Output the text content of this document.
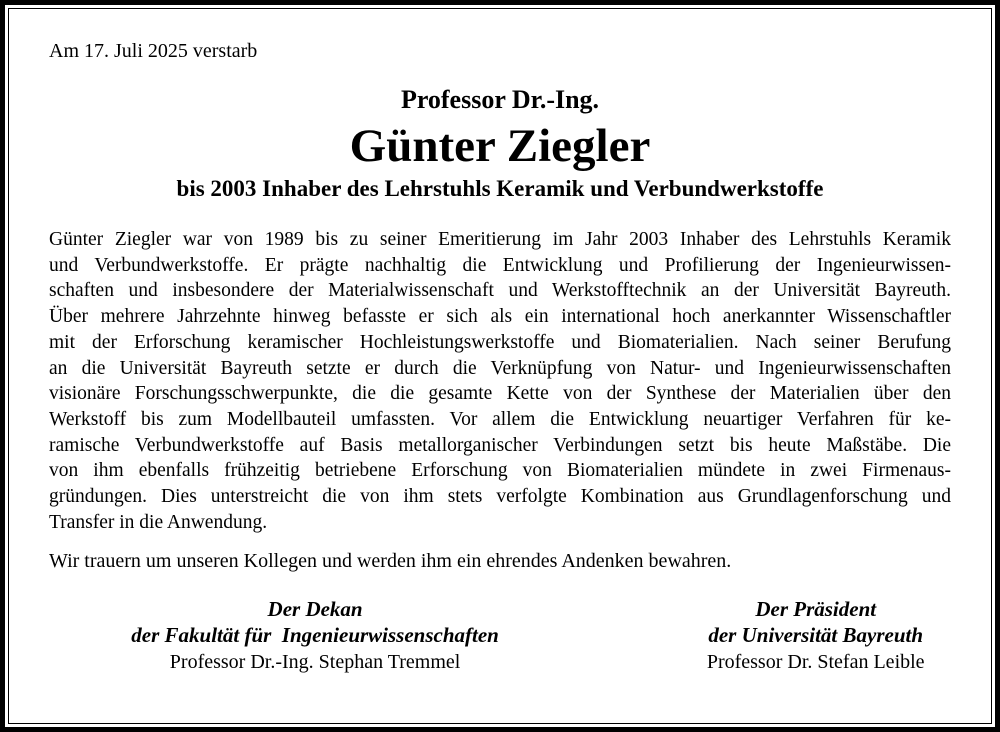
Am 17. Juli 2025 verstarb
Professor Dr.-Ing.
Günter Ziegler
bis 2003 Inhaber des Lehrstuhls Keramik und Verbundwerkstoffe
Günter Ziegler war von 1989 bis zu seiner Emeritierung im Jahr 2003 Inhaber des Lehrstuhls Keramik
und Verbundwerkstoffe. Er prägte nachhaltig die Entwicklung und Profilierung der Ingenieurwissen-
schaften und insbesondere der Materialwissenschaft und Werkstofftechnik an der Universität Bayreuth.
Über mehrere Jahrzehnte hinweg befasste er sich als ein international hoch anerkannter Wissenschaftler
mit der Erforschung keramischer Hochleistungswerkstoffe und Biomaterialien. Nach seiner Berufung
an die Universität Bayreuth setzte er durch die Verknüpfung von Natur- und Ingenieurwissenschaften
visionäre Forschungsschwerpunkte, die die gesamte Kette von der Synthese der Materialien über den
Werkstoff bis zum Modellbauteil umfassten. Vor allem die Entwicklung neuartiger Verfahren für ke-
ramische Verbundwerkstoffe auf Basis metallorganischer Verbindungen setzt bis heute Maßstäbe. Die
von ihm ebenfalls frühzeitig betriebene Erforschung von Biomaterialien mündete in zwei Firmenaus-
gründungen. Dies unterstreicht die von ihm stets verfolgte Kombination aus Grundlagenforschung und
Transfer in die Anwendung.
Wir trauern um unseren Kollegen und werden ihm ein ehrendes Andenken bewahren.
Der Dekan
der Fakultät für  Ingenieurwissenschaften
Professor Dr.-Ing. Stephan Tremmel
Der Präsident
der Universität Bayreuth
Professor Dr. Stefan Leible
